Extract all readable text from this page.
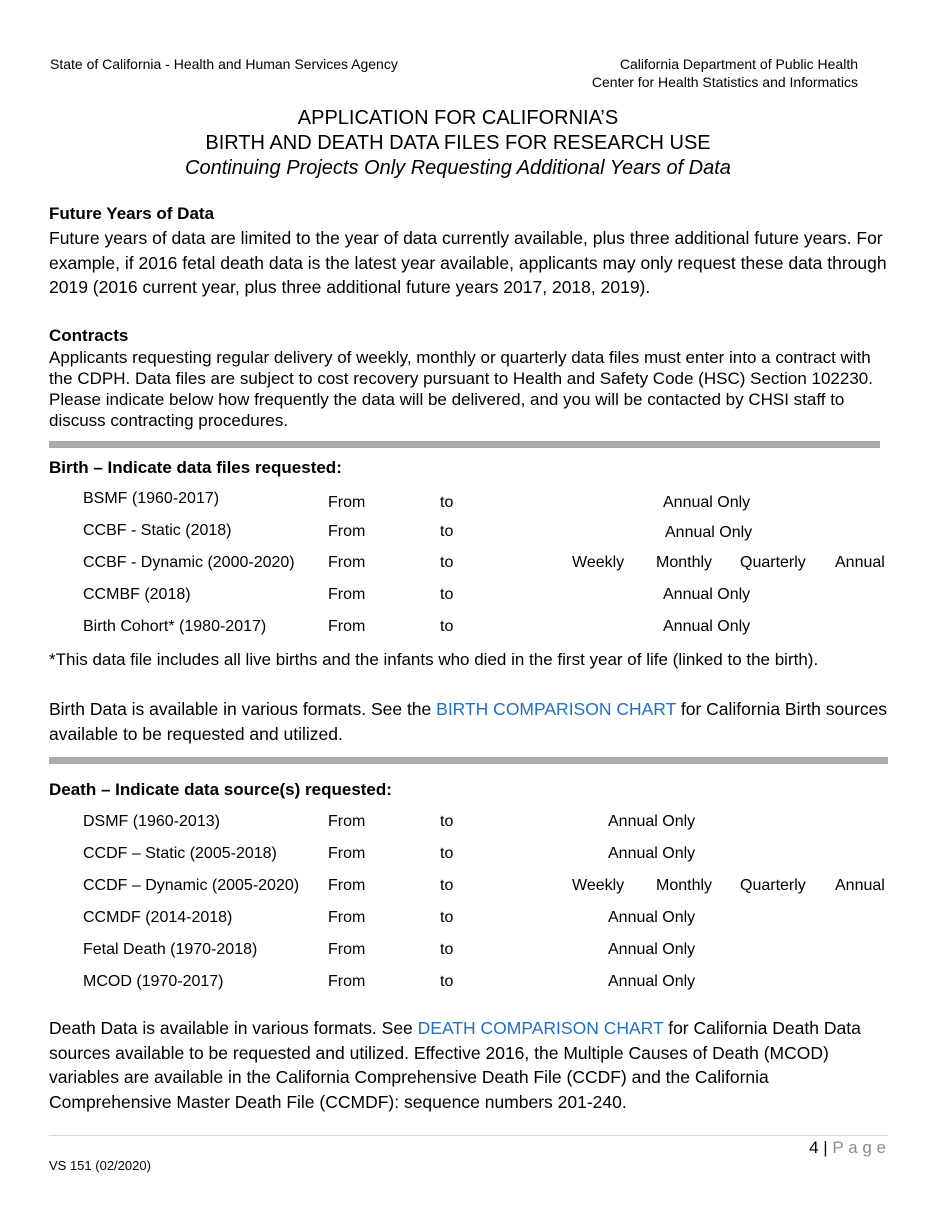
State of California - Health and Human Services Agency	California Department of Public Health
Center for Health Statistics and Informatics
APPLICATION FOR CALIFORNIA’S
BIRTH AND DEATH DATA FILES FOR RESEARCH USE
Continuing Projects Only Requesting Additional Years of Data
Future Years of Data
Future years of data are limited to the year of data currently available, plus three additional future years. For example, if 2016 fetal death data is the latest year available, applicants may only request these data through 2019 (2016 current year, plus three additional future years 2017, 2018, 2019).
Contracts
Applicants requesting regular delivery of weekly, monthly or quarterly data files must enter into a contract with the CDPH. Data files are subject to cost recovery pursuant to Health and Safety Code (HSC) Section 102230. Please indicate below how frequently the data will be delivered, and you will be contacted by CHSI staff to discuss contracting procedures.
Birth – Indicate data files requested:
BSMF (1960-2017)	From	to	Annual Only
CCBF - Static (2018)	From	to	Annual Only
CCBF - Dynamic (2000-2020) From	to	Weekly Monthly Quarterly Annual
CCMBF (2018)	From	to	Annual Only
Birth Cohort* (1980-2017)	From	to	Annual Only
*This data file includes all live births and the infants who died in the first year of life (linked to the birth).
Birth Data is available in various formats. See the BIRTH COMPARISON CHART for California Birth sources available to be requested and utilized.
Death – Indicate data source(s) requested:
DSMF (1960-2013)	From	to	Annual Only
CCDF – Static (2005-2018)	From	to	Annual Only
CCDF – Dynamic (2005-2020) From	to	Weekly Monthly Quarterly Annual
CCMDF (2014-2018)	From	to	Annual Only
Fetal Death (1970-2018)	From	to	Annual Only
MCOD (1970-2017)	From	to	Annual Only
Death Data is available in various formats. See DEATH COMPARISON CHART for California Death Data sources available to be requested and utilized. Effective 2016, the Multiple Causes of Death (MCOD) variables are available in the California Comprehensive Death File (CCDF) and the California Comprehensive Master Death File (CCMDF): sequence numbers 201-240.
4 | P a g e
VS 151 (02/2020)
